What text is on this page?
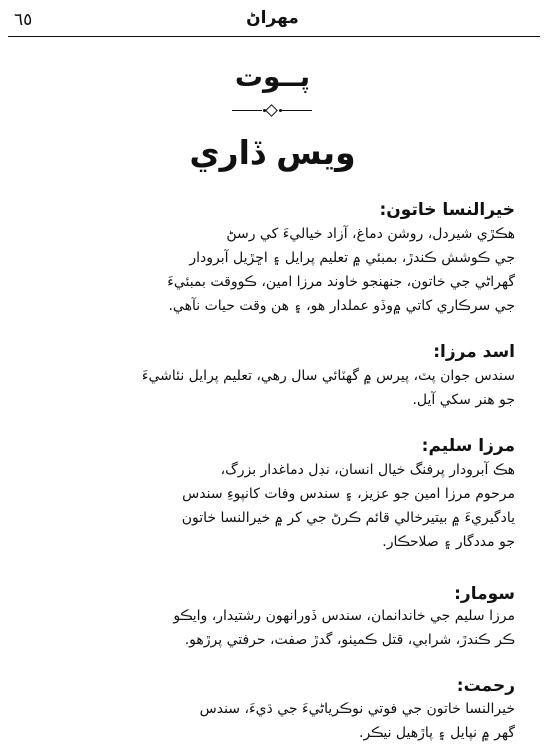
٦٥	مهراڻ
پــوت
ويس ڏاري
خيرالنسا خاتون:
هڪڙي شيردل، روشن دماغ، آزاد خياليءَ کي رسڻ
جي ڪوشش ڪندڙ، بمبئي ۾ تعليم پرايل ۽ اڇڙيل آبرودار
گهراڻي جي خاتون، جنهنجو خاوند مرزا امين، ڪووقت بمبئيءَ
جي سرڪاري کاتي ۾وڏو عملدار هو، ۽ هن وقت حيات نآهي.
اسد مرزا:
سندس جوان پٽ، پيرس ۾ گهٽائي سال رهي، تعليم پرايل نئاشيءَ
جو هنر سکي آيل.
مرزا سليم:
هڪ آبرودار پرفنگ خيال انسان، نڊل دماغدار بزرگ،
مرحوم مرزا امين جو عزيز، ۽ سندس وفات کانپوءِ سندس
يادگيريءَ ۾ بيتيرخالي قائم ڪرڻ جي کر ۾ خيرالنسا خاتون
جو مددگار ۽ صلاحڪار.
سومار:
مرزا سليم جي خاندانمان، سندس ڏورانهون رشتيدار، وايڪو
ڪر ڪندڙ، شرابي، قتل ڪميٺو، گدڙ صفت، حرفتي پرڙهو.
رحمت:
خيرالنسا خاتون جي فوتي نوڪرياڻيءَ جي ڌيءَ، سندس
گهر ۾ نپايل ۽ پاڙهيل نيڪر.
